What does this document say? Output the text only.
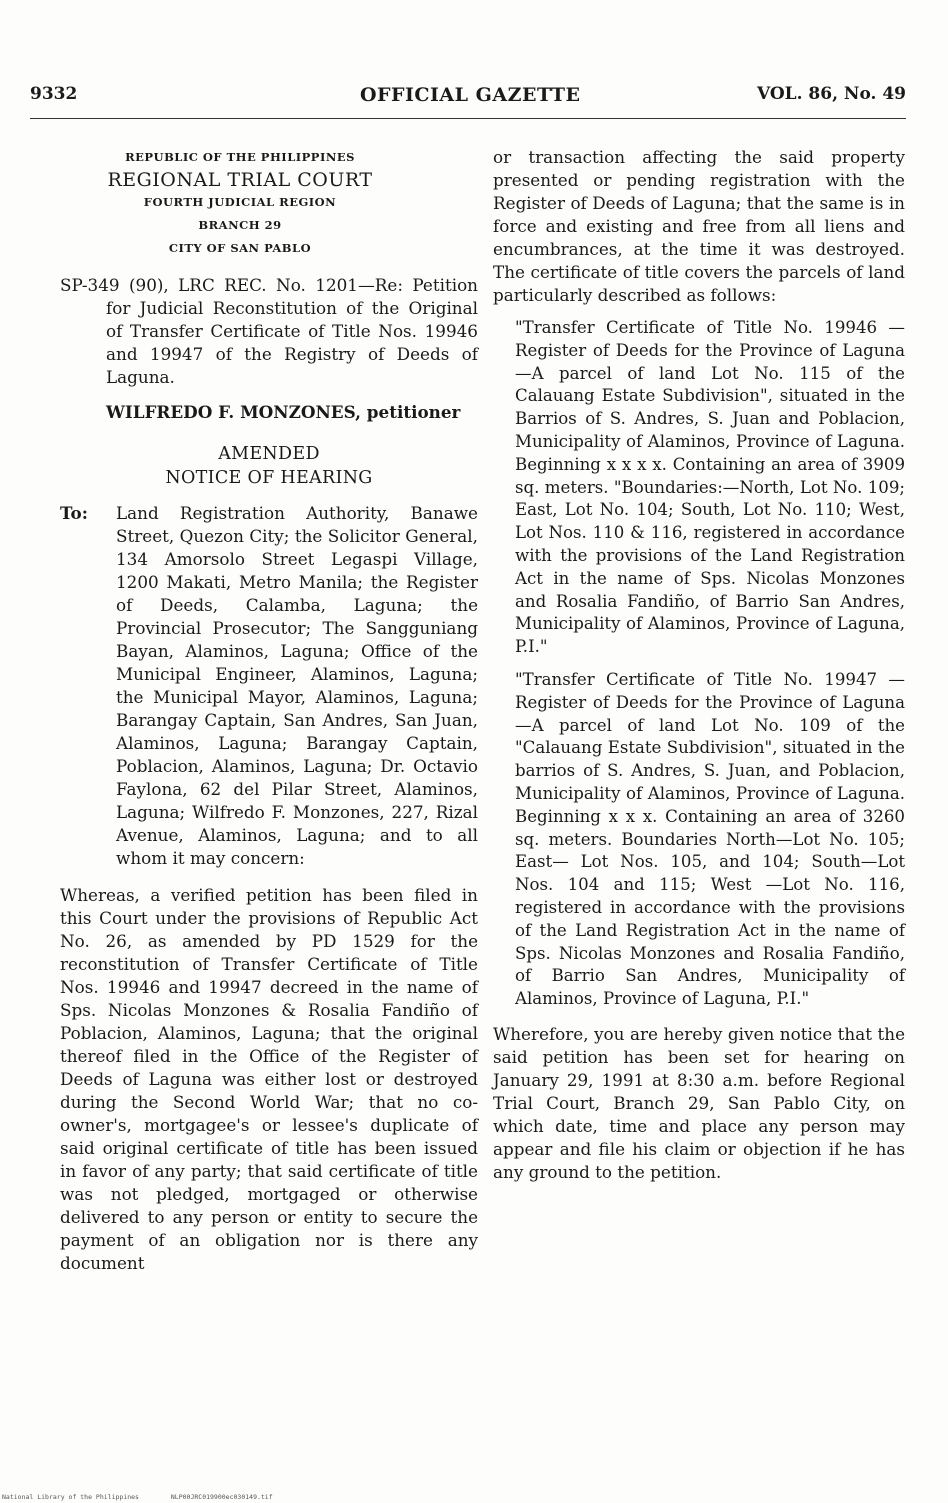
9332	OFFICIAL GAZETTE	VOL. 86, No. 49
REPUBLIC OF THE PHILIPPINES
REGIONAL TRIAL COURT
FOURTH JUDICIAL REGION
BRANCH 29
CITY OF SAN PABLO

SP-349 (90), LRC REC. No. 1201—Re: Petition for Judicial Reconstitution of the Original of Transfer Certificate of Title Nos. 19946 and 19947 of the Registry of Deeds of Laguna.

WILFREDO F. MONZONES, petitioner

AMENDED
NOTICE OF HEARING
To: Land Registration Authority, Banawe Street, Quezon City; the Solicitor General, 134 Amorsolo Street Legaspi Village, 1200 Makati, Metro Manila; the Register of Deeds, Calamba, Laguna; the Provincial Prosecutor; The Sangguniang Bayan, Alaminos, Laguna; Office of the Municipal Engineer, Alaminos, Laguna; the Municipal Mayor, Alaminos, Laguna; Barangay Captain, San Andres, San Juan, Alaminos, Laguna; Barangay Captain, Poblacion, Alaminos, Laguna; Dr. Octavio Faylona, 62 del Pilar Street, Alaminos, Laguna; Wilfredo F. Monzones, 227, Rizal Avenue, Alaminos, Laguna; and to all whom it may concern:

Whereas, a verified petition has been filed in this Court under the provisions of Republic Act No. 26, as amended by PD 1529 for the reconstitution of Transfer Certificate of Title Nos. 19946 and 19947 decreed in the name of Sps. Nicolas Monzones & Rosalia Fandiño of Poblacion, Alaminos, Laguna; that the original thereof filed in the Office of the Register of Deeds of Laguna was either lost or destroyed during the Second World War; that no co-owner's, mortgagee's or lessee's duplicate of said original certificate of title has been issued in favor of any party; that said certificate of title was not pledged, mortgaged or otherwise delivered to any person or entity to secure the payment of an obligation nor is there any document

or transaction affecting the said property presented or pending registration with the Register of Deeds of Laguna; that the same is in force and existing and free from all liens and encumbrances, at the time it was destroyed. The certificate of title covers the parcels of land particularly described as follows:

"Transfer Certificate of Title No. 19946 —Register of Deeds for the Province of Laguna—A parcel of land Lot No. 115 of the Calauang Estate Subdivision", situated in the Barrios of S. Andres, S. Juan and Poblacion, Municipality of Alaminos, Province of Laguna. Beginning x x x x. Containing an area of 3909 sq. meters. "Boundaries:—North, Lot No. 109; East, Lot No. 104; South, Lot No. 110; West, Lot Nos. 110 & 116, registered in accordance with the provisions of the Land Registration Act in the name of Sps. Nicolas Monzones and Rosalia Fandiño, of Barrio San Andres, Municipality of Alaminos, Province of Laguna, P.I."

"Transfer Certificate of Title No. 19947 —Register of Deeds for the Province of Laguna—A parcel of land Lot No. 109 of the "Calauang Estate Subdivision", situated in the barrios of S. Andres, S. Juan, and Poblacion, Municipality of Alaminos, Province of Laguna. Beginning x x x. Containing an area of 3260 sq. meters. Boundaries North—Lot No. 105; East— Lot Nos. 105, and 104; South—Lot Nos. 104 and 115; West —Lot No. 116, registered in accordance with the provisions of the Land Registration Act in the name of Sps. Nicolas Monzones and Rosalia Fandiño, of Barrio San Andres, Municipality of Alaminos, Province of Laguna, P.I."

Wherefore, you are hereby given notice that the said petition has been set for hearing on January 29, 1991 at 8:30 a.m. before Regional Trial Court, Branch 29, San Pablo City, on which date, time and place any person may appear and file his claim or objection if he has any ground to the petition.

National Library of the Philippines	NLP00JRC019900ec030149.tif
